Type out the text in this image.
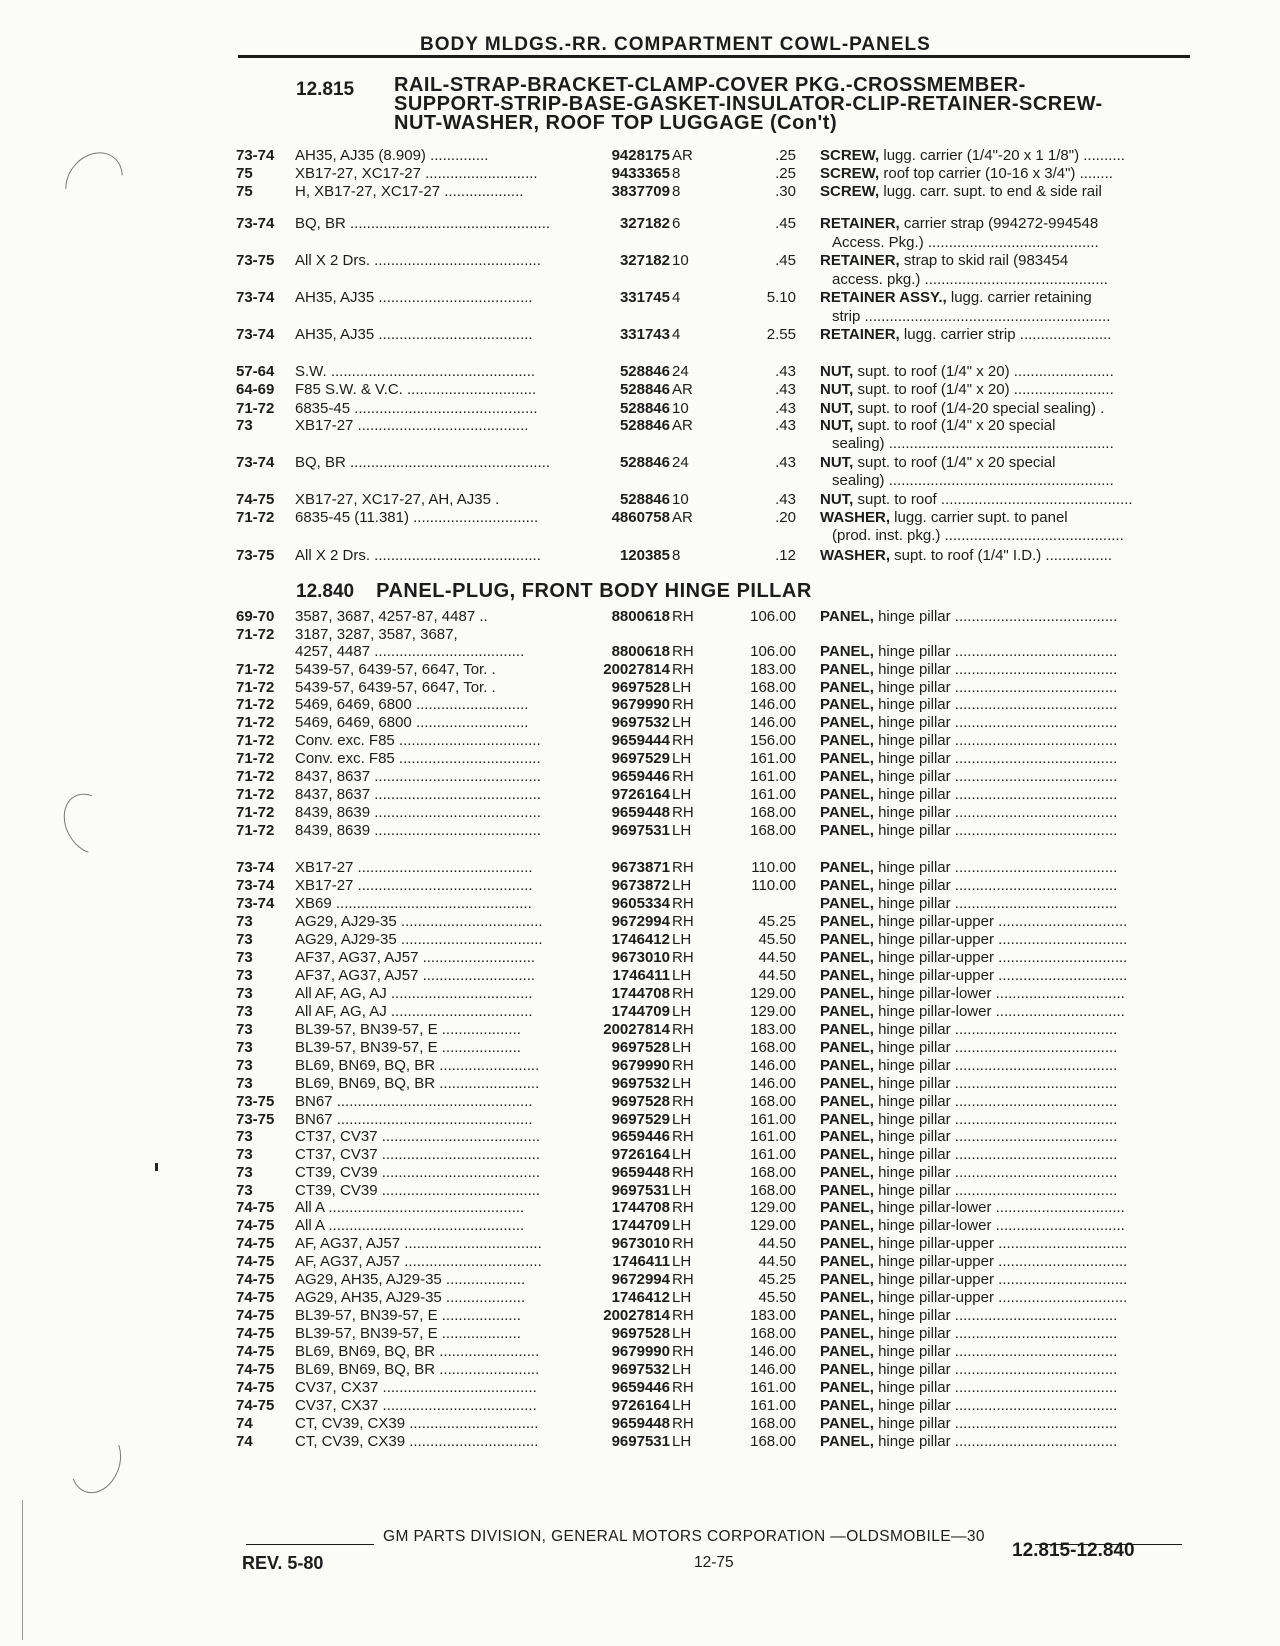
BODY MLDGS.-RR. COMPARTMENT COWL-PANELS
12.815 RAIL-STRAP-BRACKET-CLAMP-COVER PKG.-CROSSMEMBER-
SUPPORT-STRIP-BASE-GASKET-INSULATOR-CLIP-RETAINER-SCREW-
NUT-WASHER, ROOF TOP LUGGAGE (Con't)
12.840 PANEL-PLUG, FRONT BODY HINGE PILLAR
73-74 AH35, AJ35 (8.909) ..............	9428175 AR	.25 SCREW, lugg. carrier (1/4"-20 x 1 1/8") ..........
75	XB17-27, XC17-27 ...........................	9433365 8	.25 SCREW, roof top carrier (10-16 x 3/4") ........
75	H, XB17-27, XC17-27 ...................	3837709 8	.30 SCREW, lugg. carr. supt. to end & side rail
73-74 BQ, BR ................................................	327182 6	.45 RETAINER, carrier strap (994272-994548
Access. Pkg.) .........................................
73-75 All X 2 Drs. ........................................	327182 10	.45 RETAINER, strap to skid rail (983454
access. pkg.) ............................................
73-74 AH35, AJ35 .....................................	331745 4	5.10 RETAINER ASSY., lugg. carrier retaining
strip ...........................................................
73-74 AH35, AJ35 .....................................	331743 4	2.55 RETAINER, lugg. carrier strip ......................
57-64 S.W. .................................................	528846 24	.43 NUT, supt. to roof (1/4" x 20) ........................
64-69 F85 S.W. & V.C. ...............................	528846 AR	.43 NUT, supt. to roof (1/4" x 20) ........................
71-72 6835-45 ............................................	528846 10	.43 NUT, supt. to roof (1/4-20 special sealing) .
73	XB17-27 .........................................	528846 AR	.43 NUT, supt. to roof (1/4" x 20 special
sealing) ......................................................
73-74 BQ, BR ................................................	528846 24	.43 NUT, supt. to roof (1/4" x 20 special
sealing) ......................................................
74-75 XB17-27, XC17-27, AH, AJ35 .	528846 10	.43 NUT, supt. to roof ..............................................
71-72 6835-45 (11.381) ..............................	4860758 AR	.20 WASHER, lugg. carrier supt. to panel
(prod. inst. pkg.) ...........................................
73-75 All X 2 Drs. ........................................	120385 8	.12 WASHER, supt. to roof (1/4" I.D.) ................
69-70 3587, 3687, 4257-87, 4487 ..	8800618 RH	106.00 PANEL, hinge pillar .......................................
71-72 3187, 3287, 3587, 3687,
4257, 4487 ....................................	8800618 RH	106.00 PANEL, hinge pillar .......................................
71-72 5439-57, 6439-57, 6647, Tor. .	20027814 RH	183.00 PANEL, hinge pillar .......................................
71-72 5439-57, 6439-57, 6647, Tor. .	9697528 LH	168.00 PANEL, hinge pillar .......................................
71-72 5469, 6469, 6800 ...........................	9679990 RH	146.00 PANEL, hinge pillar .......................................
71-72 5469, 6469, 6800 ...........................	9697532 LH	146.00 PANEL, hinge pillar .......................................
71-72 Conv. exc. F85 ..................................	9659444 RH	156.00 PANEL, hinge pillar .......................................
71-72 Conv. exc. F85 ..................................	9697529 LH	161.00 PANEL, hinge pillar .......................................
71-72 8437, 8637 ........................................	9659446 RH	161.00 PANEL, hinge pillar .......................................
71-72 8437, 8637 ........................................	9726164 LH	161.00 PANEL, hinge pillar .......................................
71-72 8439, 8639 ........................................	9659448 RH	168.00 PANEL, hinge pillar .......................................
71-72 8439, 8639 ........................................	9697531 LH	168.00 PANEL, hinge pillar .......................................
73-74 XB17-27 ..........................................	9673871 RH	110.00 PANEL, hinge pillar .......................................
73-74 XB17-27 ..........................................	9673872 LH	110.00 PANEL, hinge pillar .......................................
73-74 XB69 ...............................................	9605334 RH	PANEL, hinge pillar .......................................
73	AG29, AJ29-35 ..................................	9672994 RH	45.25 PANEL, hinge pillar-upper ...............................
73	AG29, AJ29-35 ..................................	1746412 LH	45.50 PANEL, hinge pillar-upper ...............................
73	AF37, AG37, AJ57 ...........................	9673010 RH	44.50 PANEL, hinge pillar-upper ...............................
73	AF37, AG37, AJ57 ...........................	1746411 LH	44.50 PANEL, hinge pillar-upper ...............................
73	All AF, AG, AJ ..................................	1744708 RH	129.00 PANEL, hinge pillar-lower ...............................
73	All AF, AG, AJ ..................................	1744709 LH	129.00 PANEL, hinge pillar-lower ...............................
73	BL39-57, BN39-57, E ...................	20027814 RH	183.00 PANEL, hinge pillar .......................................
73	BL39-57, BN39-57, E ...................	9697528 LH	168.00 PANEL, hinge pillar .......................................
73	BL69, BN69, BQ, BR ........................	9679990 RH	146.00 PANEL, hinge pillar .......................................
73	BL69, BN69, BQ, BR ........................	9697532 LH	146.00 PANEL, hinge pillar .......................................
73-75 BN67 ...............................................	9697528 RH	168.00 PANEL, hinge pillar .......................................
73-75 BN67 ...............................................	9697529 LH	161.00 PANEL, hinge pillar .......................................
73	CT37, CV37 ......................................	9659446 RH	161.00 PANEL, hinge pillar .......................................
73	CT37, CV37 ......................................	9726164 LH	161.00 PANEL, hinge pillar .......................................
73	CT39, CV39 ......................................	9659448 RH	168.00 PANEL, hinge pillar .......................................
73	CT39, CV39 ......................................	9697531 LH	168.00 PANEL, hinge pillar .......................................
74-75 All A ...............................................	1744708 RH	129.00 PANEL, hinge pillar-lower ...............................
74-75 All A ...............................................	1744709 LH	129.00 PANEL, hinge pillar-lower ...............................
74-75 AF, AG37, AJ57 .................................	9673010 RH	44.50 PANEL, hinge pillar-upper ...............................
74-75 AF, AG37, AJ57 .................................	1746411 LH	44.50 PANEL, hinge pillar-upper ...............................
74-75 AG29, AH35, AJ29-35 ...................	9672994 RH	45.25 PANEL, hinge pillar-upper ...............................
74-75 AG29, AH35, AJ29-35 ...................	1746412 LH	45.50 PANEL, hinge pillar-upper ...............................
74-75 BL39-57, BN39-57, E ...................	20027814 RH	183.00 PANEL, hinge pillar .......................................
74-75 BL39-57, BN39-57, E ...................	9697528 LH	168.00 PANEL, hinge pillar .......................................
74-75 BL69, BN69, BQ, BR ........................	9679990 RH	146.00 PANEL, hinge pillar .......................................
74-75 BL69, BN69, BQ, BR ........................	9697532 LH	146.00 PANEL, hinge pillar .......................................
74-75 CV37, CX37 .....................................	9659446 RH	161.00 PANEL, hinge pillar .......................................
74-75 CV37, CX37 .....................................	9726164 LH	161.00 PANEL, hinge pillar .......................................
74	CT, CV39, CX39 ...............................	9659448 RH	168.00 PANEL, hinge pillar .......................................
74	CT, CV39, CX39 ...............................	9697531 LH	168.00 PANEL, hinge pillar .......................................
GM PARTS DIVISION, GENERAL MOTORS CORPORATION —OLDSMOBILE—30
REV. 5-80	12-75
12.815-12.840
